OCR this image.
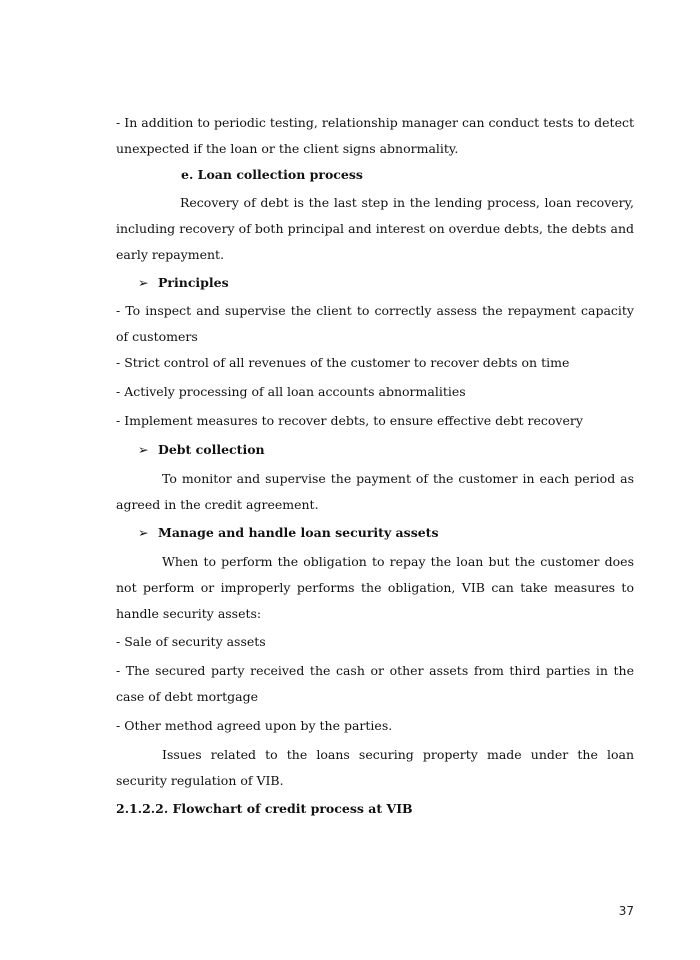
- In addition to periodic testing, relationship manager can conduct tests to detect unexpected if the loan or the client signs abnormality.
e. Loan collection process
Recovery of debt is the last step in the lending process, loan recovery, including recovery of both principal and interest on overdue debts, the debts and early repayment.
➢ Principles
- To inspect and supervise the client to correctly assess the repayment capacity of customers
- Strict control of all revenues of the customer to recover debts on time
- Actively processing of all loan accounts abnormalities
- Implement measures to recover debts, to ensure effective debt recovery
➢ Debt collection
To monitor and supervise the payment of the customer in each period as agreed in the credit agreement.
➢ Manage and handle loan security assets
When to perform the obligation to repay the loan but the customer does not perform or improperly performs the obligation, VIB can take measures to handle security assets:
- Sale of security assets
- The secured party received the cash or other assets from third parties in the case of debt mortgage
- Other method agreed upon by the parties.
Issues related to the loans securing property made under the loan security regulation of VIB.
2.1.2.2. Flowchart of credit process at VIB
37
